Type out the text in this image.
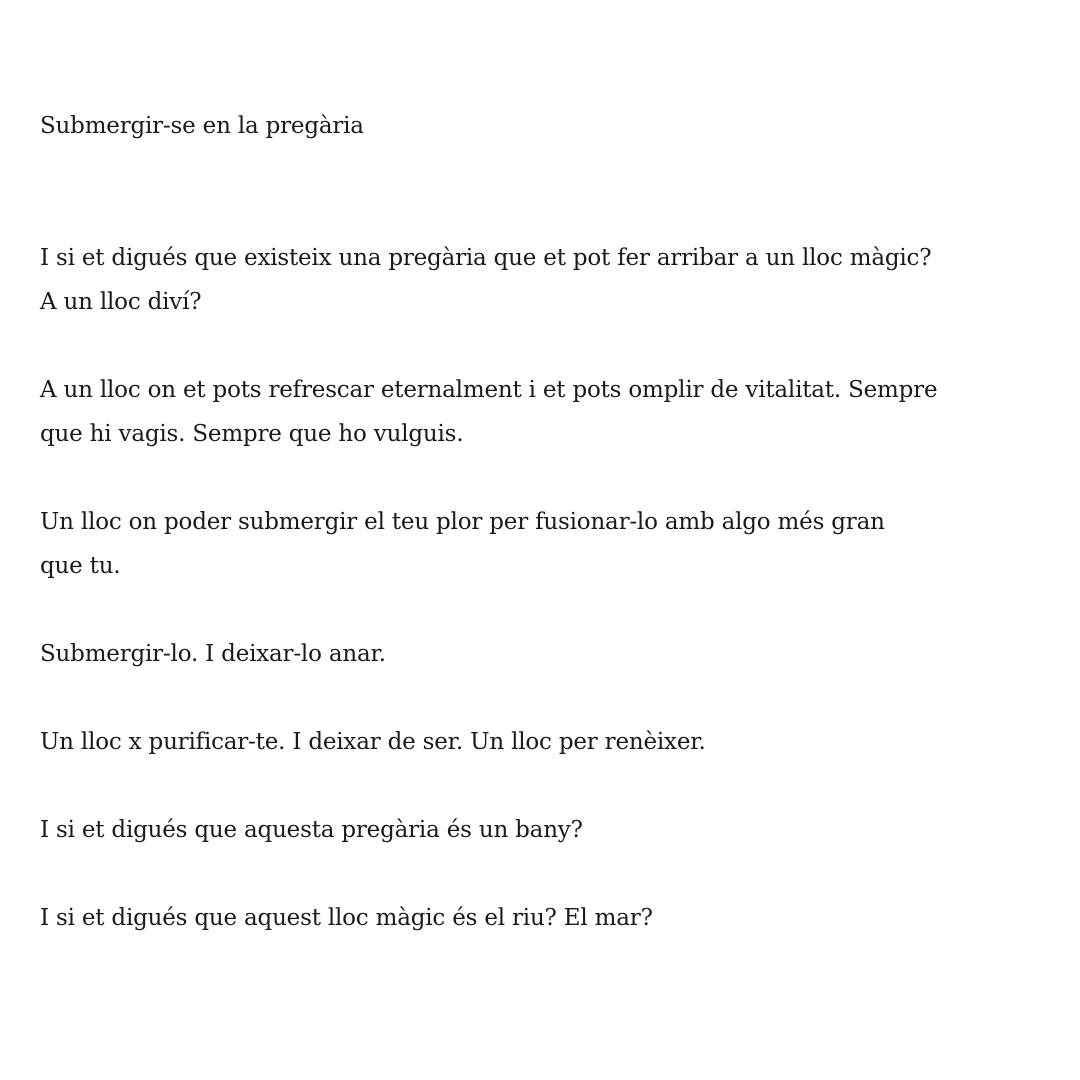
Submergir-se en la pregària

I si et digués que existeix una pregària que et pot fer arribar a un lloc màgic?
A un lloc diví?

A un lloc on et pots refrescar eternalment i et pots omplir de vitalitat. Sempre
que hi vagis. Sempre que ho vulguis.

Un lloc on poder submergir el teu plor per fusionar-lo amb algo més gran
que tu.

Submergir-lo. I deixar-lo anar.

Un lloc x purificar-te. I deixar de ser. Un lloc per renèixer.

I si et digués que aquesta pregària és un bany?

I si et digués que aquest lloc màgic és el riu? El mar?
